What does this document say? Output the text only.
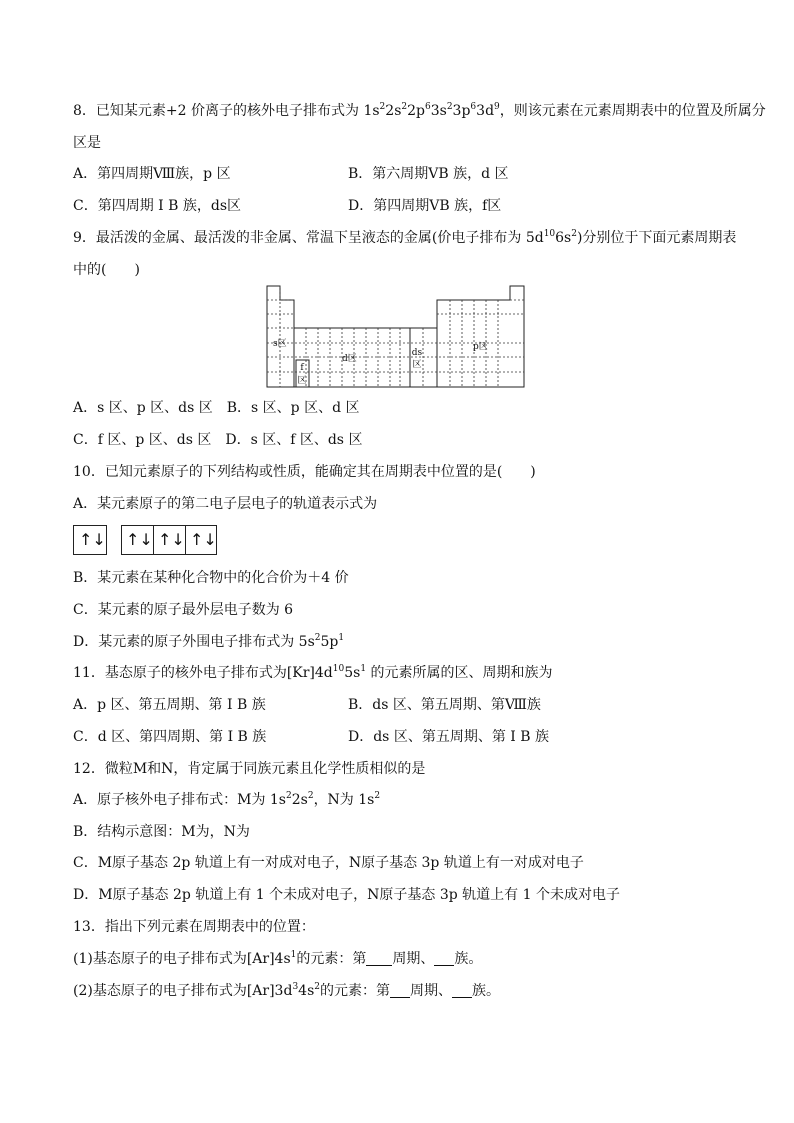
8．已知某元素+2 价离子的核外电子排布式为 $1s^22s^22p^63s^23p^63d^9$，则该元素在元素周期表中的位置及所属分
区是
A．第四周期Ⅷ族，p 区	B．第六周期ⅤB 族，d 区
C．第四周期 I B 族，ds区	D．第四周期ⅤB 族，f区
9．最活泼的金属、最活泼的非金属、常温下呈液态的金属(价电子排布为 $5d^{10}6s^2$)分别位于下面元素周期表
中的(　　)
s区
d区
ds
区
p区
f
区
A．s 区、p 区、ds 区　B．s 区、p 区、d 区
C．f 区、p 区、ds 区　D．s 区、f 区、ds 区
10．已知元素原子的下列结构或性质，能确定其在周期表中位置的是(　　)
A．某元素原子的第二电子层电子的轨道表示式为
↑↓ ↑↓ ↑↓ ↑↓
B．某元素在某种化合物中的化合价为＋4 价
C．某元素的原子最外层电子数为 6
D．某元素的原子外围电子排布式为 $5s^25p^1$
11．基态原子的核外电子排布式为$[Kr]4d^{10}5s^1$ 的元素所属的区、周期和族为
A．p 区、第五周期、第 I B 族	B．ds 区、第五周期、第Ⅷ族
C．d 区、第四周期、第 I B 族	D．ds 区、第五周期、第 I B 族
12．微粒M和N，肯定属于同族元素且化学性质相似的是
A．原子核外电子排布式：M为 $1s^22s^2$，N为 $1s^2$
B．结构示意图：M为，N为
C．M原子基态 2p 轨道上有一对成对电子，N原子基态 3p 轨道上有一对成对电子
D．M原子基态 2p 轨道上有 1 个未成对电子，N原子基态 3p 轨道上有 1 个未成对电子
13．指出下列元素在周期表中的位置：
(1)基态原子的电子排布式为$[Ar]4s^1$的元素：第 周期、 族。
(2)基态原子的电子排布式为$[Ar]3d^34s^2$的元素：第 周期、 族。
